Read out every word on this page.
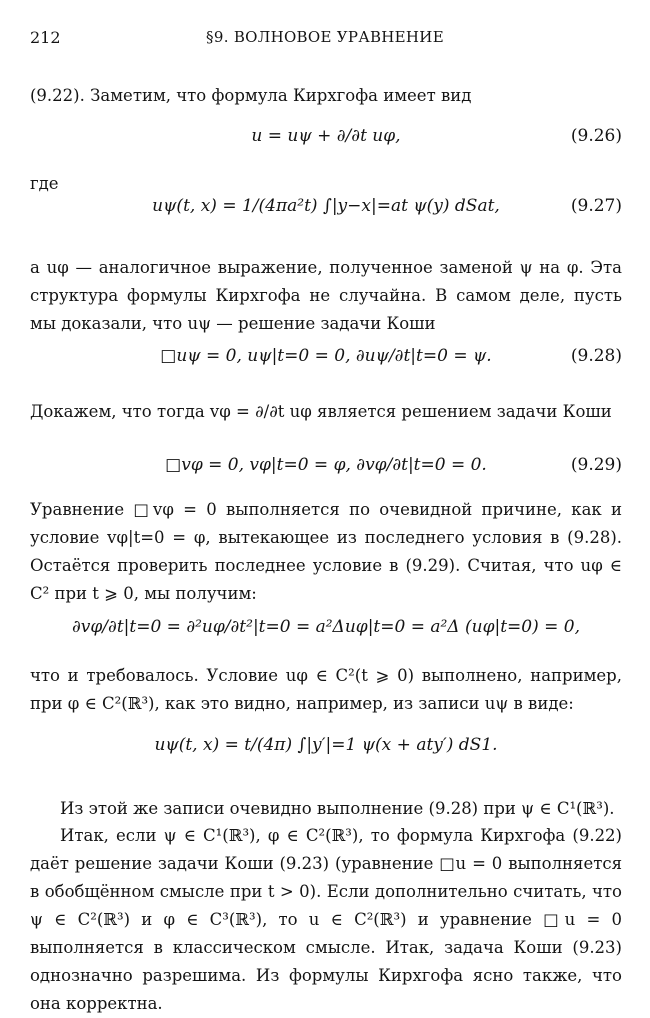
212	§9. ВОЛНОВОЕ УРАВНЕНИЕ
(9.22). Заметим, что формула Кирхгофа имеет вид
u = uψ + ∂/∂t uφ,	(9.26)
где
uψ(t, x) = 1/(4πa²t) ∫|y−x|=at ψ(y) dSat,	(9.27)
а uφ — аналогичное выражение, полученное заменой ψ на φ. Эта структура формулы Кирхгофа не случайна. В самом деле, пусть мы доказали, что uψ — решение задачи Коши
□uψ = 0, uψ|t=0 = 0, ∂uψ/∂t|t=0 = ψ.	(9.28)
Докажем, что тогда vφ = ∂/∂t uφ является решением задачи Коши
□vφ = 0, vφ|t=0 = φ, ∂vφ/∂t|t=0 = 0.	(9.29)
Уравнение □vφ = 0 выполняется по очевидной причине, как и условие vφ|t=0 = φ, вытекающее из последнего условия в (9.28). Остаётся проверить последнее условие в (9.29). Считая, что uφ ∈ C² при t ⩾ 0, мы получим:
∂vφ/∂t|t=0 = ∂²uφ/∂t²|t=0 = a²Δuφ|t=0 = a²Δ (uφ|t=0) = 0,
что и требовалось. Условие uφ ∈ C²(t ⩾ 0) выполнено, например, при φ ∈ C²(ℝ³), как это видно, например, из записи uψ в виде:
uψ(t, x) = t/(4π) ∫|y′|=1 ψ(x + aty′) dS1.
Из этой же записи очевидно выполнение (9.28) при ψ ∈ C¹(ℝ³).
Итак, если ψ ∈ C¹(ℝ³), φ ∈ C²(ℝ³), то формула Кирхгофа (9.22) даёт решение задачи Коши (9.23) (уравнение □u = 0 выполняется в обобщённом смысле при t > 0). Если дополнительно считать, что ψ ∈ C²(ℝ³) и φ ∈ C³(ℝ³), то u ∈ C²(ℝ³) и уравнение □u = 0 выполняется в классическом смысле. Итак, задача Коши (9.23) однозначно разрешима. Из формулы Кирхгофа ясно также, что она корректна.
